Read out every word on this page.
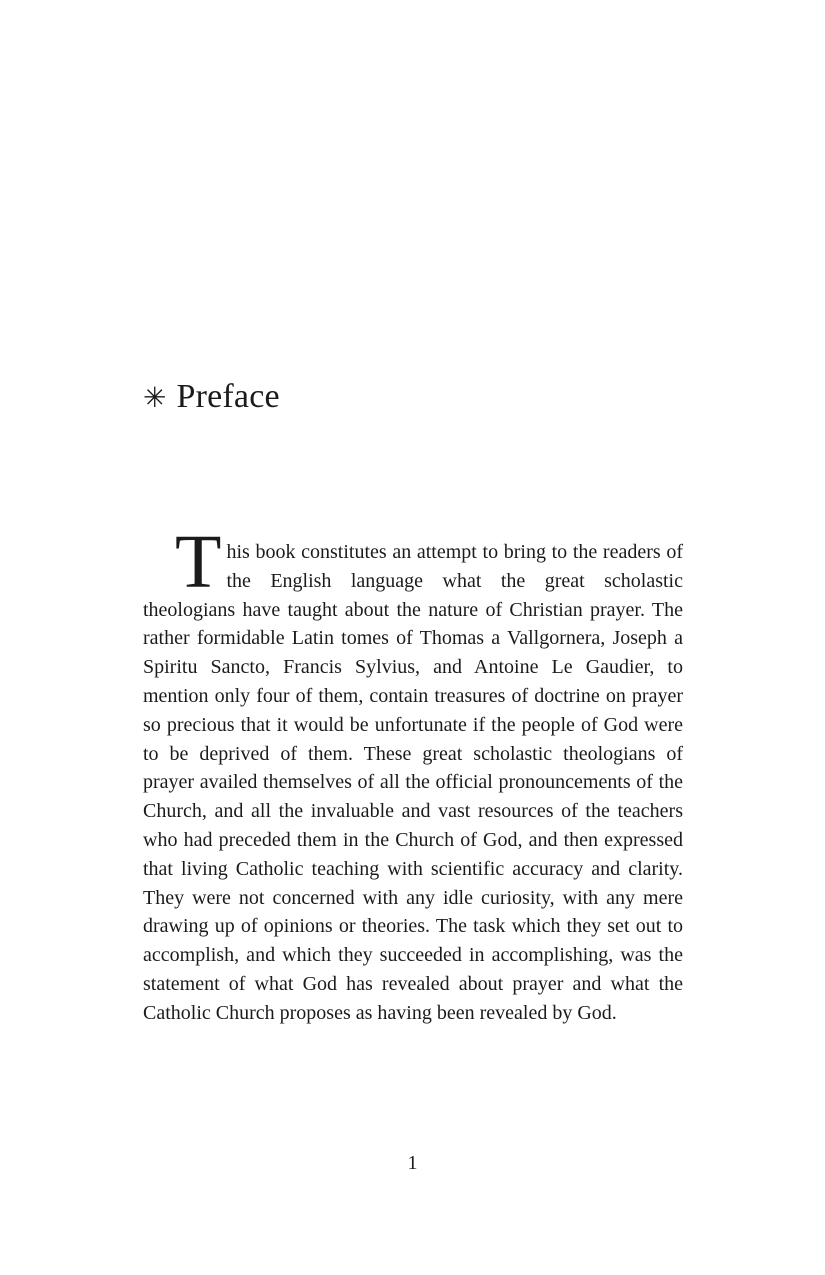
✳ Preface

This book constitutes an attempt to bring to the readers of the English language what the great scholastic theologians have taught about the nature of Christian prayer. The rather formidable Latin tomes of Thomas a Vallgornera, Joseph a Spiritu Sancto, Francis Sylvius, and Antoine Le Gaudier, to mention only four of them, contain treasures of doctrine on prayer so precious that it would be unfortunate if the people of God were to be deprived of them. These great scholastic theologians of prayer availed themselves of all the official pronouncements of the Church, and all the invaluable and vast resources of the teachers who had preceded them in the Church of God, and then expressed that living Catholic teaching with scientific accuracy and clarity. They were not concerned with any idle curiosity, with any mere drawing up of opinions or theories. The task which they set out to accomplish, and which they succeeded in accomplishing, was the statement of what God has revealed about prayer and what the Catholic Church proposes as having been revealed by God.

1
